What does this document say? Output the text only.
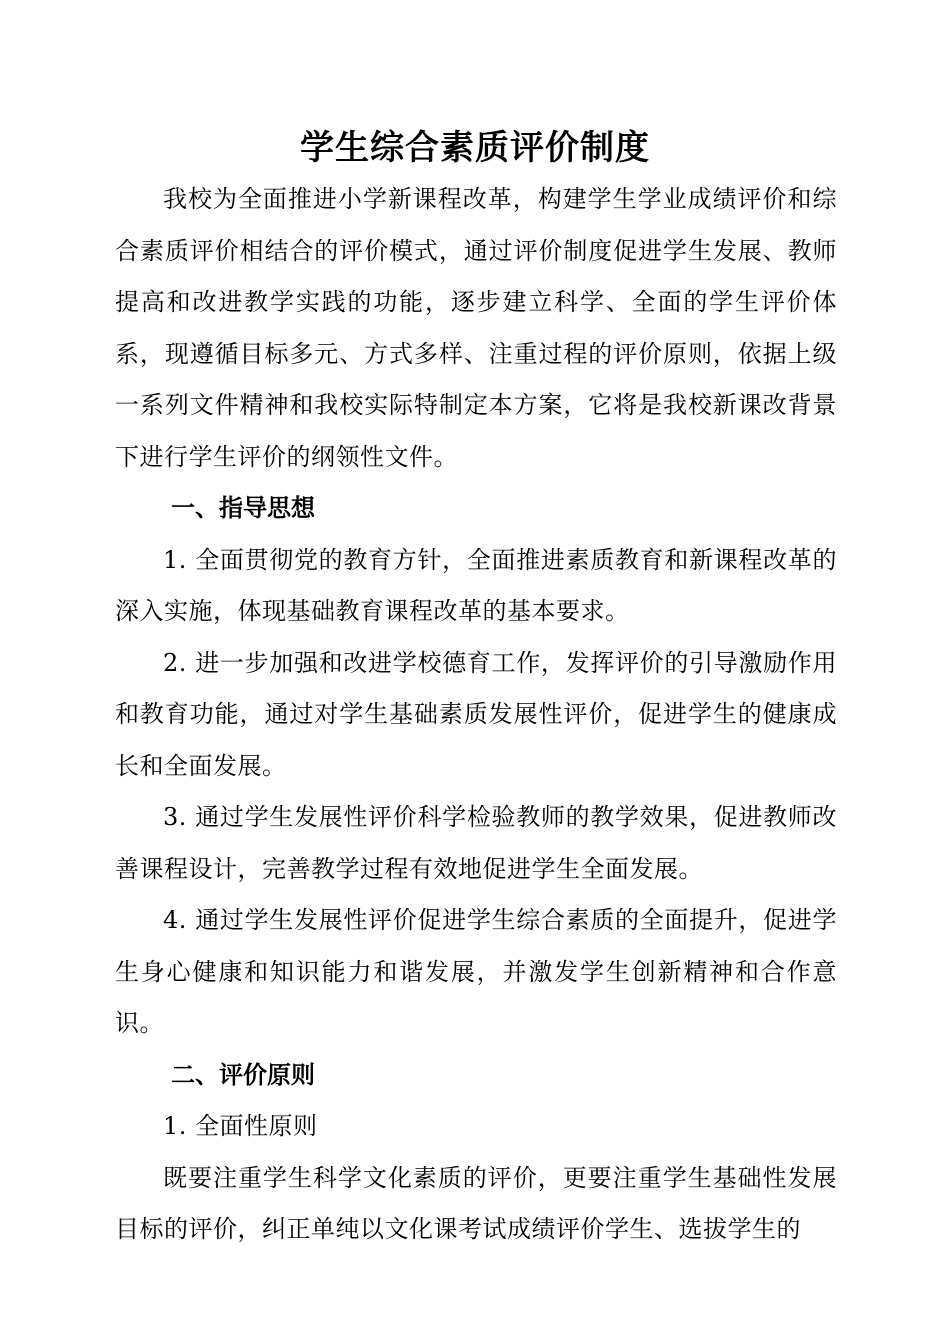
学生综合素质评价制度

我校为全面推进小学新课程改革，构建学生学业成绩评价和综合素质评价相结合的评价模式，通过评价制度促进学生发展、教师提高和改进教学实践的功能，逐步建立科学、全面的学生评价体系，现遵循目标多元、方式多样、注重过程的评价原则，依据上级一系列文件精神和我校实际特制定本方案，它将是我校新课改背景下进行学生评价的纲领性文件。

一、指导思想

1. 全面贯彻党的教育方针，全面推进素质教育和新课程改革的深入实施，体现基础教育课程改革的基本要求。

2. 进一步加强和改进学校德育工作，发挥评价的引导激励作用和教育功能，通过对学生基础素质发展性评价，促进学生的健康成长和全面发展。

3. 通过学生发展性评价科学检验教师的教学效果，促进教师改善课程设计，完善教学过程有效地促进学生全面发展。

4. 通过学生发展性评价促进学生综合素质的全面提升，促进学生身心健康和知识能力和谐发展，并激发学生创新精神和合作意识。

二、评价原则

1. 全面性原则

既要注重学生科学文化素质的评价，更要注重学生基础性发展目标的评价，纠正单纯以文化课考试成绩评价学生、选拔学生的
